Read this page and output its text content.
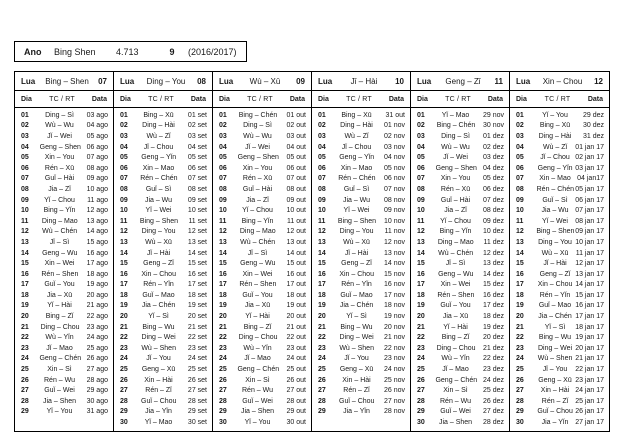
Ano	Bing Shen	4.713	9	(2016/2017)
Lua	Bing – Shen	07
Dia	TC / RT	Data
01	Ding – Sì	03 ago
02	Wù – Wu	04 ago
03	Jǐ – Wei	05 ago
04	Geng – Shen 06 ago
05	Xin – You	07 ago
06	Rén – Xū	08 ago
07	Guǐ – Hài	09 ago
08	Jia – Zǐ	10 ago
09	Yǐ – Chou	11 ago
10	Bing – Yǐn	12 ago
11	Ding – Mao	13 ago
12	Wù – Chén	14 ago
13	Jǐ – Sì	15 ago
14	Geng – Wu	16 ago
15	Xin – Wei	17 ago
16	Rén – Shen	18 ago
17	Guǐ – You	19 ago
18	Jia – Xū	20 ago
19	Yǐ – Hài	21 ago
20	Bing – Zǐ	22 ago
21	Ding – Chou	23 ago
22	Wù – Yǐn	24 ago
23	Jǐ – Mao	25 ago
24	Geng – Chén 26 ago
25	Xin – Sì	27 ago
26	Rén – Wu	28 ago
27	Guǐ – Wei	29 ago
28	Jia – Shen	30 ago
29	Yǐ – You	31 ago
Lua	Ding – You	08
Dia	TC / RT	Data
01	Bing – Xū	01 set
02	Ding – Hài	02 set
03	Wù – Zǐ	03 set
04	Jǐ – Chou	04 set
05	Geng – Yǐn	05 set
06	Xin – Mao	06 set
07	Rén – Chén	07 set
08	Guǐ – Sì	08 set
09	Jia – Wu	09 set
10	Yǐ – Wei	10 set
11	Bing – Shen	11 set
12	Ding – You	12 set
13	Wù – Xū	13 set
14	Jǐ – Hài	14 set
15	Geng – Zǐ	15 set
16	Xin – Chou	16 set
17	Rén – Yǐn	17 set
18	Guǐ – Mao	18 set
19	Jia – Chén	19 set
20	Yǐ – Sì	20 set
21	Bing – Wu	21 set
22	Ding – Wei	22 set
23	Wù – Shen	23 set
24	Jǐ – You	24 set
25	Geng – Xū	25 set
26	Xin – Hài	26 set
27	Rén – Zǐ	27 set
28	Guǐ – Chou	28 set
29	Jia – Yǐn	29 set
30	Yǐ – Mao	30 set
Lua	Wù – Xū	09
Dia	TC / RT	Data
01	Bing – Chén	01 out
02	Ding – Sì	02 out
03	Wù – Wu	03 out
04	Jǐ – Wei	04 out
05	Geng – Shen	05 out
06	Xin – You	06 out
07	Rén – Xū	07 out
08	Guǐ – Hài	08 out
09	Jia – Zǐ	09 out
10	Yǐ – Chou	10 out
11	Bing – Yǐn	11 out
12	Ding – Mao	12 out
13	Wù – Chén	13 out
14	Jǐ – Sì	14 out
15	Geng – Wu	15 out
16	Xin – Wei	16 out
17	Rén – Shen	17 out
18	Guǐ – You	18 out
19	Jia – Xū	19 out
20	Yǐ – Hài	20 out
21	Bing – Zǐ	21 out
22	Ding – Chou	22 out
23	Wù – Yǐn	23 out
24	Jǐ – Mao	24 out
25	Geng – Chén	25 out
26	Xin – Sì	26 out
27	Rén – Wu	27 out
28	Guǐ – Wei	28 out
29	Jia – Shen	29 out
30	Yǐ – You	30 out
Lua	Jǐ – Hài	10
Dia	TC / RT	Data
01	Bing – Xū	31 out
02	Ding – Hài	01 nov
03	Wù – Zǐ	02 nov
04	Jǐ – Chou	03 nov
05	Geng – Yǐn	04 nov
06	Xin – Mao	05 nov
07	Rén – Chén	06 nov
08	Guǐ – Sì	07 nov
09	Jia – Wu	08 nov
10	Yǐ – Wei	09 nov
11	Bing – Shen	10 nov
12	Ding – You	11 nov
13	Wù – Xū	12 nov
14	Jǐ – Hài	13 nov
15	Geng – Zǐ	14 nov
16	Xin – Chou	15 nov
17	Rén – Yǐn	16 nov
18	Guǐ – Mao	17 nov
19	Jia – Chén	18 nov
20	Yǐ – Sì	19 nov
21	Bing – Wu	20 nov
22	Ding – Wei	21 nov
23	Wù – Shen	22 nov
24	Jǐ – You	23 nov
25	Geng – Xū	24 nov
26	Xin – Hài	25 nov
27	Rén – Zǐ	26 nov
28	Guǐ – Chou	27 nov
29	Jia – Yǐn	28 nov
Lua	Geng – Zǐ	11
Dia	TC / RT	Data
01	Yǐ – Mao	29 nov
02	Bing – Chén	30 nov
03	Ding – Sì	01 dez
04	Wù – Wu	02 dez
05	Jǐ – Wei	03 dez
06	Geng – Shen 04 dez
07	Xin – You	05 dez
08	Rén – Xū	06 dez
09	Guǐ – Hài	07 dez
10	Jia – Zǐ	08 dez
11	Yǐ – Chou	09 dez
12	Bing – Yǐn	10 dez
13	Ding – Mao	11 dez
14	Wù – Chén	12 dez
15	Jǐ – Sì	13 dez
16	Geng – Wu	14 dez
17	Xin – Wei	15 dez
18	Rén – Shen	16 dez
19	Guǐ – You	17 dez
20	Jia – Xū	18 dez
21	Yǐ – Hài	19 dez
22	Bing – Zǐ	20 dez
23	Ding – Chou	21 dez
24	Wù – Yǐn	22 dez
25	Jǐ – Mao	23 dez
26	Geng – Chén 24 dez
27	Xin – Sì	25 dez
28	Rén – Wu	26 dez
29	Guǐ – Wei	27 dez
30	Jia – Shen	28 dez
Lua	Xin – Chou	12
Dia	TC / RT	Data
01	Yǐ – You	29 dez
02	Bing – Xū	30 dez
03	Ding – Hài	31 dez
04	Wù – Zǐ	01 jan 17
05	Jǐ – Chou 02 jan 17
06	Geng – Yǐn 03 jan 17
07	Xin – Mao 04 jan17
08	Rén – Chén 05 jan 17
09	Guǐ – Sì	06 jan 17
10	Jia – Wu 07 jan 17
11	Yǐ – Wei	08 jan 17
12	Bing – Shen 09 jan 17
13	Ding – You 10 jan 17
14	Wù – Xū	11 jan 17
15	Jǐ – Hài	12 jan 17
16	Geng – Zǐ 13 jan 17
17	Xin – Chou 14 jan 17
18	Rén – Yǐn 15 jan 17
19	Guǐ – Mao 16 jan 17
20	Jia – Chén 17 jan 17
21	Yǐ – Sì	18 jan 17
22	Bing – Wu 19 jan 17
23	Ding – Wei 20 jan 17
24	Wù – Shen 21 jan 17
25	Jǐ – You	22 jan 17
26	Geng – Xū 23 jan 17
27	Xin – Hài 24 jan 17
28	Rén – Zǐ 25 jan 17
29	Guǐ – Chou 26 jan 17
30	Jia – Yǐn 27 jan 17
